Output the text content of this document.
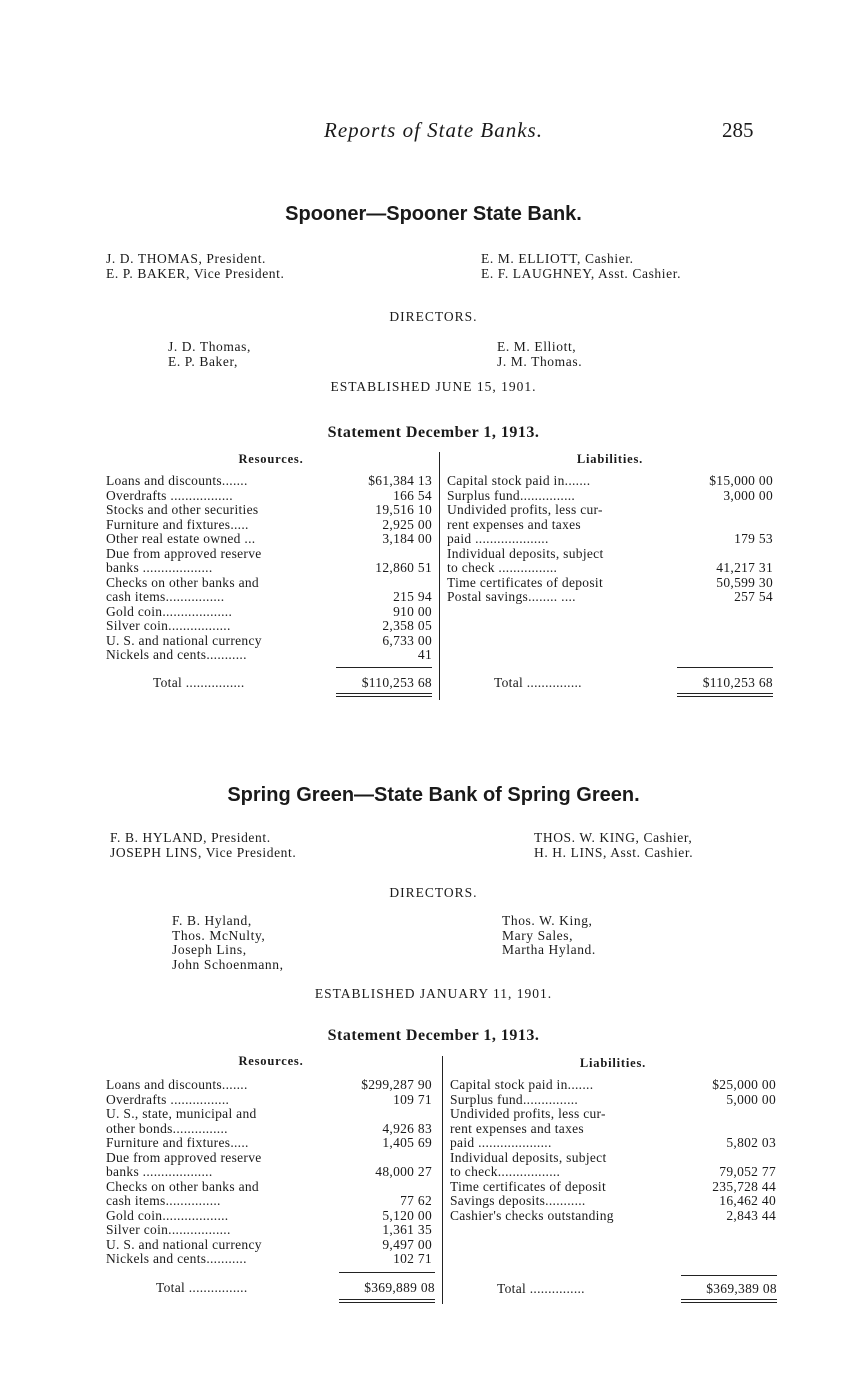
Reports of State Banks.	285
Spooner—Spooner State Bank.
J. D. THOMAS, President.
E. P. BAKER, Vice President.
E. M. ELLIOTT, Cashier.
E. F. LAUGHNEY, Asst. Cashier.
DIRECTORS.
J. D. Thomas,
E. P. Baker,
E. M. Elliott,
J. M. Thomas.
ESTABLISHED JUNE 15, 1901.
Statement December 1, 1913.
Resources.	Liabilities.
Loans and discounts.......	$61,384 13
Overdrafts .................	166 54
Stocks and other securities	19,516 10
Furniture and fixtures.....	2,925 00
Other real estate owned ...	3,184 00
Due from approved reserve
banks ...................	12,860 51
Checks on other banks and
cash items................	215 94
Gold coin...................	910 00
Silver coin.................	2,358 05
U. S. and national currency	6,733 00
Nickels and cents...........	41
Capital stock paid in.......	$15,000 00
Surplus fund...............	3,000 00
Undivided profits, less cur-
rent expenses and taxes
paid ....................	179 53
Individual deposits, subject
to check ................	41,217 31
Time certificates of deposit	50,599 30
Postal savings........ ....	257 54
Total ................	$110,253 68	Total ...............	$110,253 68
Spring Green—State Bank of Spring Green.
F. B. HYLAND, President.
JOSEPH LINS, Vice President.
THOS. W. KING, Cashier,
H. H. LINS, Asst. Cashier.
DIRECTORS.
F. B. Hyland,
Thos. McNulty,
Joseph Lins,
John Schoenmann,
Thos. W. King,
Mary Sales,
Martha Hyland.
ESTABLISHED JANUARY 11, 1901.
Statement December 1, 1913.
Resources.	Liabilities.
Loans and discounts.......	$299,287 90
Overdrafts ................	109 71
U. S., state, municipal and
other bonds...............	4,926 83
Furniture and fixtures.....	1,405 69
Due from approved reserve
banks ...................	48,000 27
Checks on other banks and
cash items...............	77 62
Gold coin..................	5,120 00
Silver coin.................	1,361 35
U. S. and national currency	9,497 00
Nickels and cents...........	102 71
Capital stock paid in.......	$25,000 00
Surplus fund...............	5,000 00
Undivided profits, less cur-
rent expenses and taxes
paid ....................	5,802 03
Individual deposits, subject
to check.................	79,052 77
Time certificates of deposit	235,728 44
Savings deposits...........	16,462 40
Cashier's checks outstanding	2,843 44
Total ................	$369,889 08	Total ...............	$369,389 08
